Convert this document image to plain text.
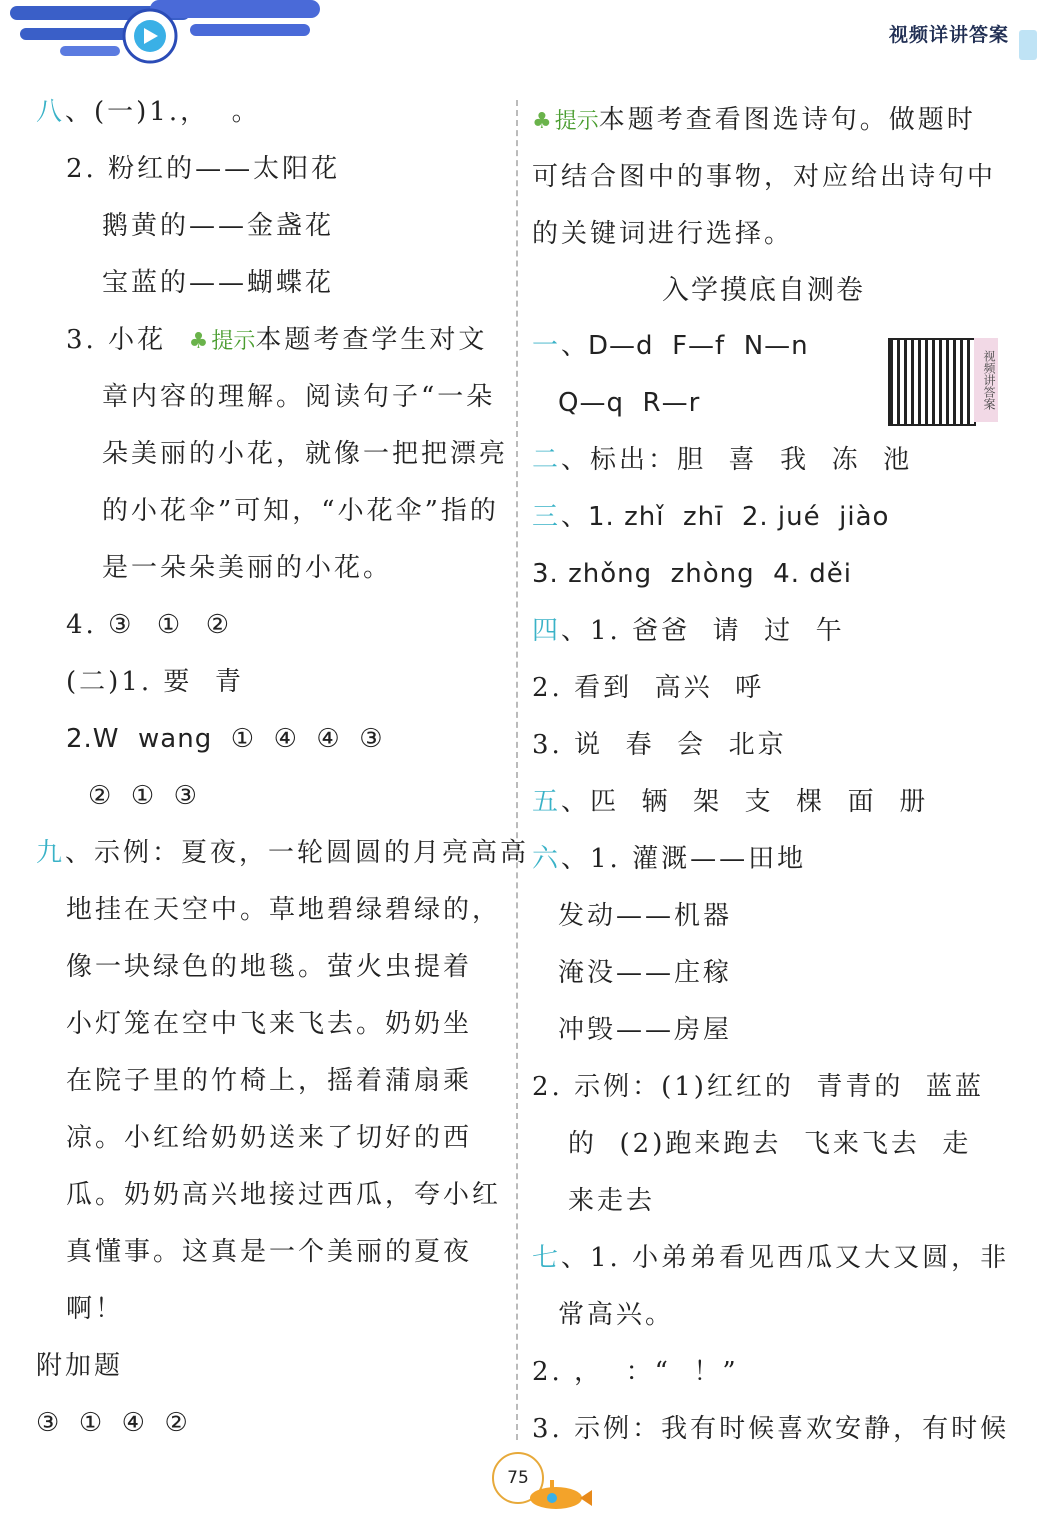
视频详讲答案
八、(一)1.，  。
2. 粉红的——太阳花
鹅黄的——金盏花
宝蓝的——蝴蝶花
3. 小花  ♣提示本题考查学生对文
章内容的理解。阅读句子“一朵
朵美丽的小花，就像一把把漂亮
的小花伞”可知，“小花伞”指的
是一朵朵美丽的小花。
4. ③  ①  ②
(二)1. 要  青
2.W  wang  ①  ④  ④  ③
②  ①  ③
九、示例：夏夜，一轮圆圆的月亮高高
地挂在天空中。草地碧绿碧绿的，
像一块绿色的地毯。萤火虫提着
小灯笼在空中飞来飞去。奶奶坐
在院子里的竹椅上，摇着蒲扇乘
凉。小红给奶奶送来了切好的西
瓜。奶奶高兴地接过西瓜，夸小红
真懂事。这真是一个美丽的夏夜
啊！
附加题
③  ①  ④  ②
♣提示本题考查看图选诗句。做题时
可结合图中的事物，对应给出诗句中
的关键词进行选择。
一、D—d  F—f  N—n
Q—q  R—r
二、标出：胆  喜  我  冻  池
三、1. zhǐ  zhī  2. jué  jiào
3. zhǒng  zhòng  4. děi
四、1. 爸爸  请  过  午
2. 看到  高兴  呼
3. 说  春  会  北京
五、匹  辆  架  支  棵  面  册
六、1. 灌溉——田地
发动——机器
淹没——庄稼
冲毁——房屋
2. 示例：(1)红红的  青青的  蓝蓝
的  (2)跑来跑去  飞来飞去  走
来走去
七、1. 小弟弟看见西瓜又大又圆，非
常高兴。
2. ，  ：“  ！”
3. 示例：我有时候喜欢安静，有时候
入学摸底自测卷
视频讲答案
75
